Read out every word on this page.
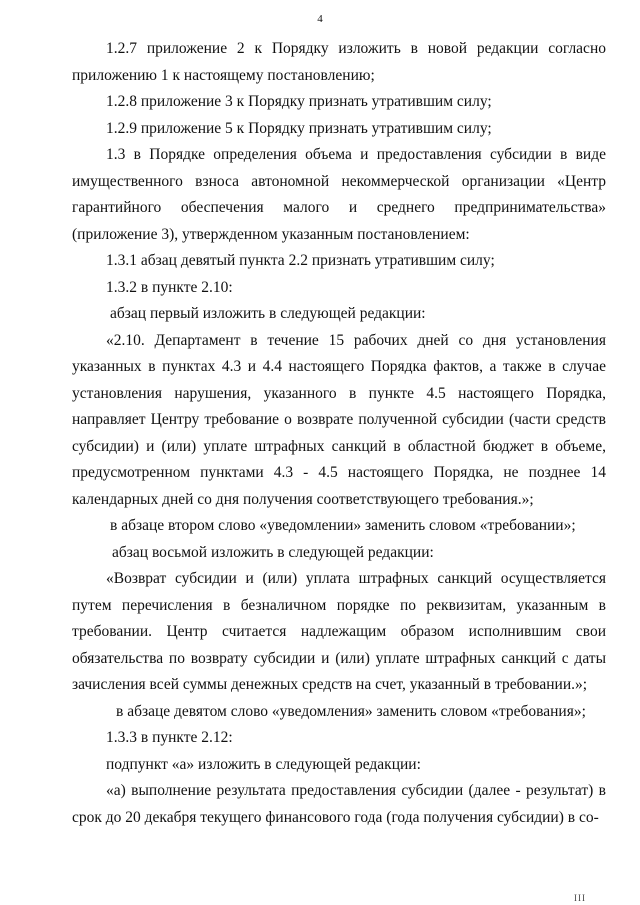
4

1.2.7 приложение 2 к Порядку изложить в новой редакции согласно приложению 1 к настоящему постановлению;

1.2.8 приложение 3 к Порядку признать утратившим силу;

1.2.9 приложение 5 к Порядку признать утратившим силу;

1.3 в Порядке определения объема и предоставления субсидии в виде имущественного взноса автономной некоммерческой организации «Центр гарантийного обеспечения малого и среднего предпринимательства» (приложение 3), утвержденном указанным постановлением:

1.3.1 абзац девятый пункта 2.2 признать утратившим силу;

1.3.2 в пункте 2.10:

абзац первый изложить в следующей редакции:

«2.10. Департамент в течение 15 рабочих дней со дня установления указанных в пунктах 4.3 и 4.4 настоящего Порядка фактов, а также в случае установления нарушения, указанного в пункте 4.5 настоящего Порядка, направляет Центру требование о возврате полученной субсидии (части средств субсидии) и (или) уплате штрафных санкций в областной бюджет в объеме, предусмотренном пунктами 4.3 - 4.5 настоящего Порядка, не позднее 14 календарных дней со дня получения соответствующего требования.»;

в абзаце втором слово «уведомлении» заменить словом «требовании»;

абзац восьмой изложить в следующей редакции:

«Возврат субсидии и (или) уплата штрафных санкций осуществляется путем перечисления в безналичном порядке по реквизитам, указанным в требовании. Центр считается надлежащим образом исполнившим свои обязательства по возврату субсидии и (или) уплате штрафных санкций с даты зачисления всей суммы денежных средств на счет, указанный в требовании.»;

в абзаце девятом слово «уведомления» заменить словом «требования»;

1.3.3 в пункте 2.12:

подпункт «а» изложить в следующей редакции:

«а) выполнение результата предоставления субсидии (далее - результат) в срок до 20 декабря текущего финансового года (года получения субсидии) в со-

III
